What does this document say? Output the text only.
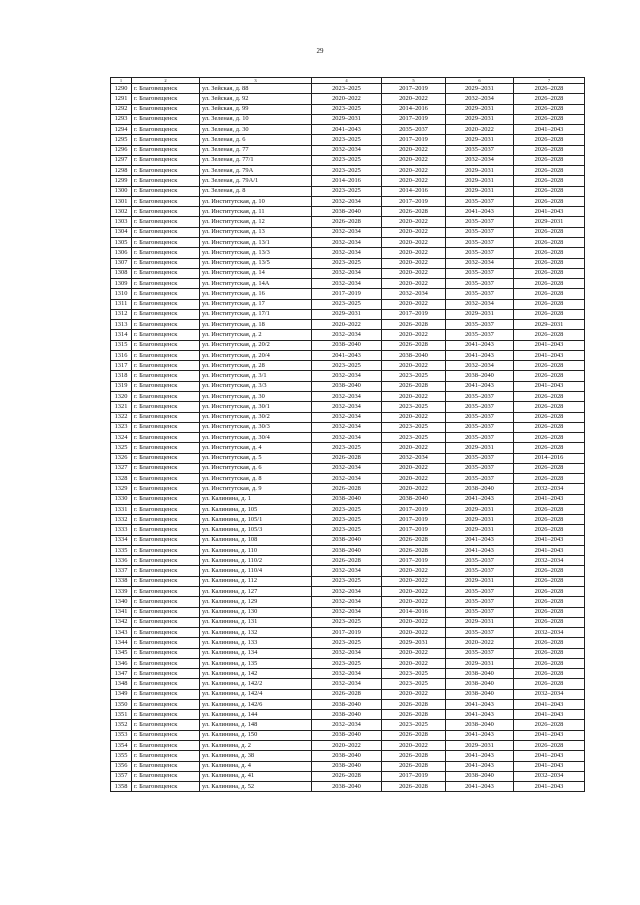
29
1	2	3	4	5	6	7
1290	г. Благовещенск	ул. Зейская, д. 88	2023–2025	2017–2019	2029–2031	2026–2028
1291	г. Благовещенск	ул. Зейская, д. 92	2020–2022	2020–2022	2032–2034	2026–2028
1292	г. Благовещенск	ул. Зейская, д. 99	2023–2025	2014–2016	2029–2031	2026–2028
1293	г. Благовещенск	ул. Зеленая, д. 10	2029–2031	2017–2019	2029–2031	2026–2028
1294	г. Благовещенск	ул. Зеленая, д. 30	2041–2043	2035–2037	2020–2022	2041–2043
1295	г. Благовещенск	ул. Зеленая, д. 6	2023–2025	2017–2019	2029–2031	2026–2028
1296	г. Благовещенск	ул. Зеленая, д. 77	2032–2034	2020–2022	2035–2037	2026–2028
1297	г. Благовещенск	ул. Зеленая, д. 77/1	2023–2025	2020–2022	2032–2034	2026–2028
1298	г. Благовещенск	ул. Зеленая, д. 79А	2023–2025	2020–2022	2029–2031	2026–2028
1299	г. Благовещенск	ул. Зеленая, д. 79А/1	2014–2016	2020–2022	2029–2031	2026–2028
1300	г. Благовещенск	ул. Зеленая, д. 8	2023–2025	2014–2016	2029–2031	2026–2028
1301	г. Благовещенск	ул. Институтская, д. 10	2032–2034	2017–2019	2035–2037	2026–2028
1302	г. Благовещенск	ул. Институтская, д. 11	2038–2040	2026–2028	2041–2043	2041–2043
1303	г. Благовещенск	ул. Институтская, д. 12	2026–2028	2020–2022	2035–2037	2029–2031
1304	г. Благовещенск	ул. Институтская, д. 13	2032–2034	2020–2022	2035–2037	2026–2028
1305	г. Благовещенск	ул. Институтская, д. 13/1	2032–2034	2020–2022	2035–2037	2026–2028
1306	г. Благовещенск	ул. Институтская, д. 13/3	2032–2034	2020–2022	2035–2037	2026–2028
1307	г. Благовещенск	ул. Институтская, д. 13/5	2023–2025	2020–2022	2032–2034	2026–2028
1308	г. Благовещенск	ул. Институтская, д. 14	2032–2034	2020–2022	2035–2037	2026–2028
1309	г. Благовещенск	ул. Институтская, д. 14А	2032–2034	2020–2022	2035–2037	2026–2028
1310	г. Благовещенск	ул. Институтская, д. 16	2017–2019	2032–2034	2035–2037	2026–2028
1311	г. Благовещенск	ул. Институтская, д. 17	2023–2025	2020–2022	2032–2034	2026–2028
1312	г. Благовещенск	ул. Институтская, д. 17/1	2029–2031	2017–2019	2029–2031	2026–2028
1313	г. Благовещенск	ул. Институтская, д. 18	2020–2022	2026–2028	2035–2037	2029–2031
1314	г. Благовещенск	ул. Институтская, д. 2	2032–2034	2020–2022	2035–2037	2026–2028
1315	г. Благовещенск	ул. Институтская, д. 20/2	2038–2040	2026–2028	2041–2043	2041–2043
1316	г. Благовещенск	ул. Институтская, д. 20/4	2041–2043	2038–2040	2041–2043	2041–2043
1317	г. Благовещенск	ул. Институтская, д. 28	2023–2025	2020–2022	2032–2034	2026–2028
1318	г. Благовещенск	ул. Институтская, д. 3/1	2032–2034	2023–2025	2038–2040	2026–2028
1319	г. Благовещенск	ул. Институтская, д. 3/3	2038–2040	2026–2028	2041–2043	2041–2043
1320	г. Благовещенск	ул. Институтская, д. 30	2032–2034	2020–2022	2035–2037	2026–2028
1321	г. Благовещенск	ул. Институтская, д. 30/1	2032–2034	2023–2025	2035–2037	2026–2028
1322	г. Благовещенск	ул. Институтская, д. 30/2	2032–2034	2020–2022	2035–2037	2026–2028
1323	г. Благовещенск	ул. Институтская, д. 30/3	2032–2034	2023–2025	2035–2037	2026–2028
1324	г. Благовещенск	ул. Институтская, д. 30/4	2032–2034	2023–2025	2035–2037	2026–2028
1325	г. Благовещенск	ул. Институтская, д. 4	2023–2025	2020–2022	2029–2031	2026–2028
1326	г. Благовещенск	ул. Институтская, д. 5	2026–2028	2032–2034	2035–2037	2014–2016
1327	г. Благовещенск	ул. Институтская, д. 6	2032–2034	2020–2022	2035–2037	2026–2028
1328	г. Благовещенск	ул. Институтская, д. 8	2032–2034	2020–2022	2035–2037	2026–2028
1329	г. Благовещенск	ул. Институтская, д. 9	2026–2028	2020–2022	2038–2040	2032–2034
1330	г. Благовещенск	ул. Калинина, д. 1	2038–2040	2038–2040	2041–2043	2041–2043
1331	г. Благовещенск	ул. Калинина, д. 105	2023–2025	2017–2019	2029–2031	2026–2028
1332	г. Благовещенск	ул. Калинина, д. 105/1	2023–2025	2017–2019	2029–2031	2026–2028
1333	г. Благовещенск	ул. Калинина, д. 105/3	2023–2025	2017–2019	2029–2031	2026–2028
1334	г. Благовещенск	ул. Калинина, д. 108	2038–2040	2026–2028	2041–2043	2041–2043
1335	г. Благовещенск	ул. Калинина, д. 110	2038–2040	2026–2028	2041–2043	2041–2043
1336	г. Благовещенск	ул. Калинина, д. 110/2	2026–2028	2017–2019	2035–2037	2032–2034
1337	г. Благовещенск	ул. Калинина, д. 110/4	2032–2034	2020–2022	2035–2037	2026–2028
1338	г. Благовещенск	ул. Калинина, д. 112	2023–2025	2020–2022	2029–2031	2026–2028
1339	г. Благовещенск	ул. Калинина, д. 127	2032–2034	2020–2022	2035–2037	2026–2028
1340	г. Благовещенск	ул. Калинина, д. 129	2032–2034	2020–2022	2035–2037	2026–2028
1341	г. Благовещенск	ул. Калинина, д. 130	2032–2034	2014–2016	2035–2037	2026–2028
1342	г. Благовещенск	ул. Калинина, д. 131	2023–2025	2020–2022	2029–2031	2026–2028
1343	г. Благовещенск	ул. Калинина, д. 132	2017–2019	2020–2022	2035–2037	2032–2034
1344	г. Благовещенск	ул. Калинина, д. 133	2023–2025	2029–2031	2020–2022	2026–2028
1345	г. Благовещенск	ул. Калинина, д. 134	2032–2034	2020–2022	2035–2037	2026–2028
1346	г. Благовещенск	ул. Калинина, д. 135	2023–2025	2020–2022	2029–2031	2026–2028
1347	г. Благовещенск	ул. Калинина, д. 142	2032–2034	2023–2025	2038–2040	2026–2028
1348	г. Благовещенск	ул. Калинина, д. 142/2	2032–2034	2023–2025	2038–2040	2026–2028
1349	г. Благовещенск	ул. Калинина, д. 142/4	2026–2028	2020–2022	2038–2040	2032–2034
1350	г. Благовещенск	ул. Калинина, д. 142/6	2038–2040	2026–2028	2041–2043	2041–2043
1351	г. Благовещенск	ул. Калинина, д. 144	2038–2040	2026–2028	2041–2043	2041–2043
1352	г. Благовещенск	ул. Калинина, д. 148	2032–2034	2023–2025	2038–2040	2026–2028
1353	г. Благовещенск	ул. Калинина, д. 150	2038–2040	2026–2028	2041–2043	2041–2043
1354	г. Благовещенск	ул. Калинина, д. 2	2020–2022	2020–2022	2029–2031	2026–2028
1355	г. Благовещенск	ул. Калинина, д. 38	2038–2040	2026–2028	2041–2043	2041–2043
1356	г. Благовещенск	ул. Калинина, д. 4	2038–2040	2026–2028	2041–2043	2041–2043
1357	г. Благовещенск	ул. Калинина, д. 41	2026–2028	2017–2019	2038–2040	2032–2034
1358	г. Благовещенск	ул. Калинина, д. 52	2038–2040	2026–2028	2041–2043	2041–2043
